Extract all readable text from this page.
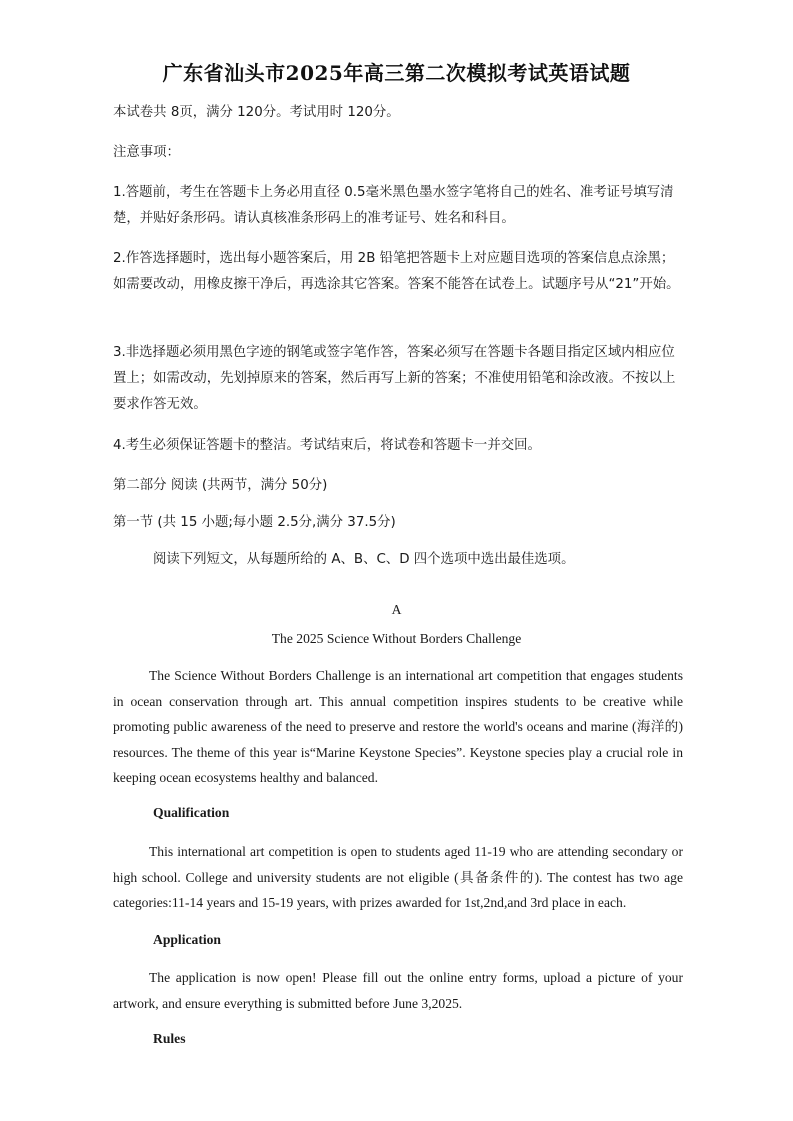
广东省汕头市2025年高三第二次模拟考试英语试题
本试卷共 8页，满分 120分。考试用时 120分。
注意事项：
1.答题前，考生在答题卡上务必用直径 0.5毫米黑色墨水签字笔将自己的姓名、准考证号填写清楚，并贴好条形码。请认真核准条形码上的准考证号、姓名和科目。
2.作答选择题时，选出每小题答案后，用 2B 铅笔把答题卡上对应题目选项的答案信息点涂黑；如需要改动，用橡皮擦干净后，再选涂其它答案。答案不能答在试卷上。试题序号从“21”开始。
3.非选择题必须用黑色字迹的钢笔或签字笔作答，答案必须写在答题卡各题目指定区域内相应位置上；如需改动，先划掉原来的答案，然后再写上新的答案；不准使用铅笔和涂改液。不按以上要求作答无效。
4.考生必须保证答题卡的整洁。考试结束后，将试卷和答题卡一并交回。
第二部分 阅读 (共两节，满分 50分)
第一节 (共 15 小题;每小题 2.5分,满分 37.5分)
阅读下列短文，从每题所给的 A、B、C、D 四个选项中选出最佳选项。
A
The 2025 Science Without Borders Challenge
The Science Without Borders Challenge is an international art competition that engages students in ocean conservation through art. This annual competition inspires students to be creative while promoting public awareness of the need to preserve and restore the world's oceans and marine (海洋的) resources. The theme of this year is“Marine Keystone Species”. Keystone species play a crucial role in keeping ocean ecosystems healthy and balanced.
Qualification
This international art competition is open to students aged 11-19 who are attending secondary or high school. College and university students are not eligible (具备条件的). The contest has two age categories:11-14 years and 15-19 years, with prizes awarded for 1st,2nd,and 3rd place in each.
Application
The application is now open! Please fill out the online entry forms, upload a picture of your artwork, and ensure everything is submitted before June 3,2025.
Rules
